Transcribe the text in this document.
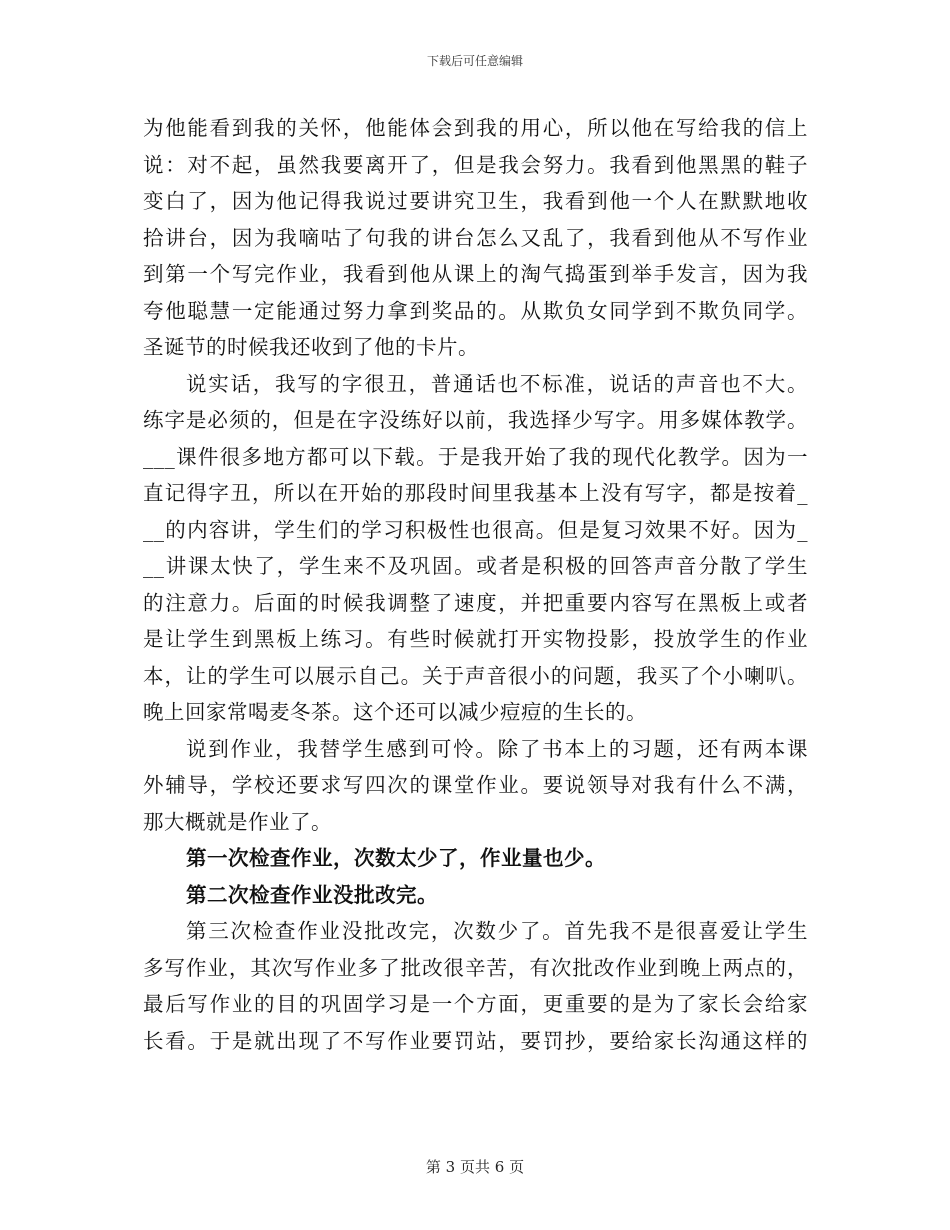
下载后可任意编辑
为他能看到我的关怀，他能体会到我的用心，所以他在写给我的信上
说：对不起，虽然我要离开了，但是我会努力。我看到他黑黑的鞋子
变白了，因为他记得我说过要讲究卫生，我看到他一个人在默默地收
拾讲台，因为我嘀咕了句我的讲台怎么又乱了，我看到他从不写作业
到第一个写完作业，我看到他从课上的淘气捣蛋到举手发言，因为我
夸他聪慧一定能通过努力拿到奖品的。从欺负女同学到不欺负同学。
圣诞节的时候我还收到了他的卡片。
说实话，我写的字很丑，普通话也不标准，说话的声音也不大。
练字是必须的，但是在字没练好以前，我选择少写字。用多媒体教学。
___课件很多地方都可以下载。于是我开始了我的现代化教学。因为一
直记得字丑，所以在开始的那段时间里我基本上没有写字，都是按着_
__的内容讲，学生们的学习积极性也很高。但是复习效果不好。因为_
__讲课太快了，学生来不及巩固。或者是积极的回答声音分散了学生
的注意力。后面的时候我调整了速度，并把重要内容写在黑板上或者
是让学生到黑板上练习。有些时候就打开实物投影，投放学生的作业
本，让的学生可以展示自己。关于声音很小的问题，我买了个小喇叭。
晚上回家常喝麦冬茶。这个还可以减少痘痘的生长的。
说到作业，我替学生感到可怜。除了书本上的习题，还有两本课
外辅导，学校还要求写四次的课堂作业。要说领导对我有什么不满，
那大概就是作业了。
第一次检查作业，次数太少了，作业量也少。
第二次检查作业没批改完。
第三次检查作业没批改完，次数少了。首先我不是很喜爱让学生
多写作业，其次写作业多了批改很辛苦，有次批改作业到晚上两点的，
最后写作业的目的巩固学习是一个方面，更重要的是为了家长会给家
长看。于是就出现了不写作业要罚站，要罚抄，要给家长沟通这样的
第 3 页共 6 页
